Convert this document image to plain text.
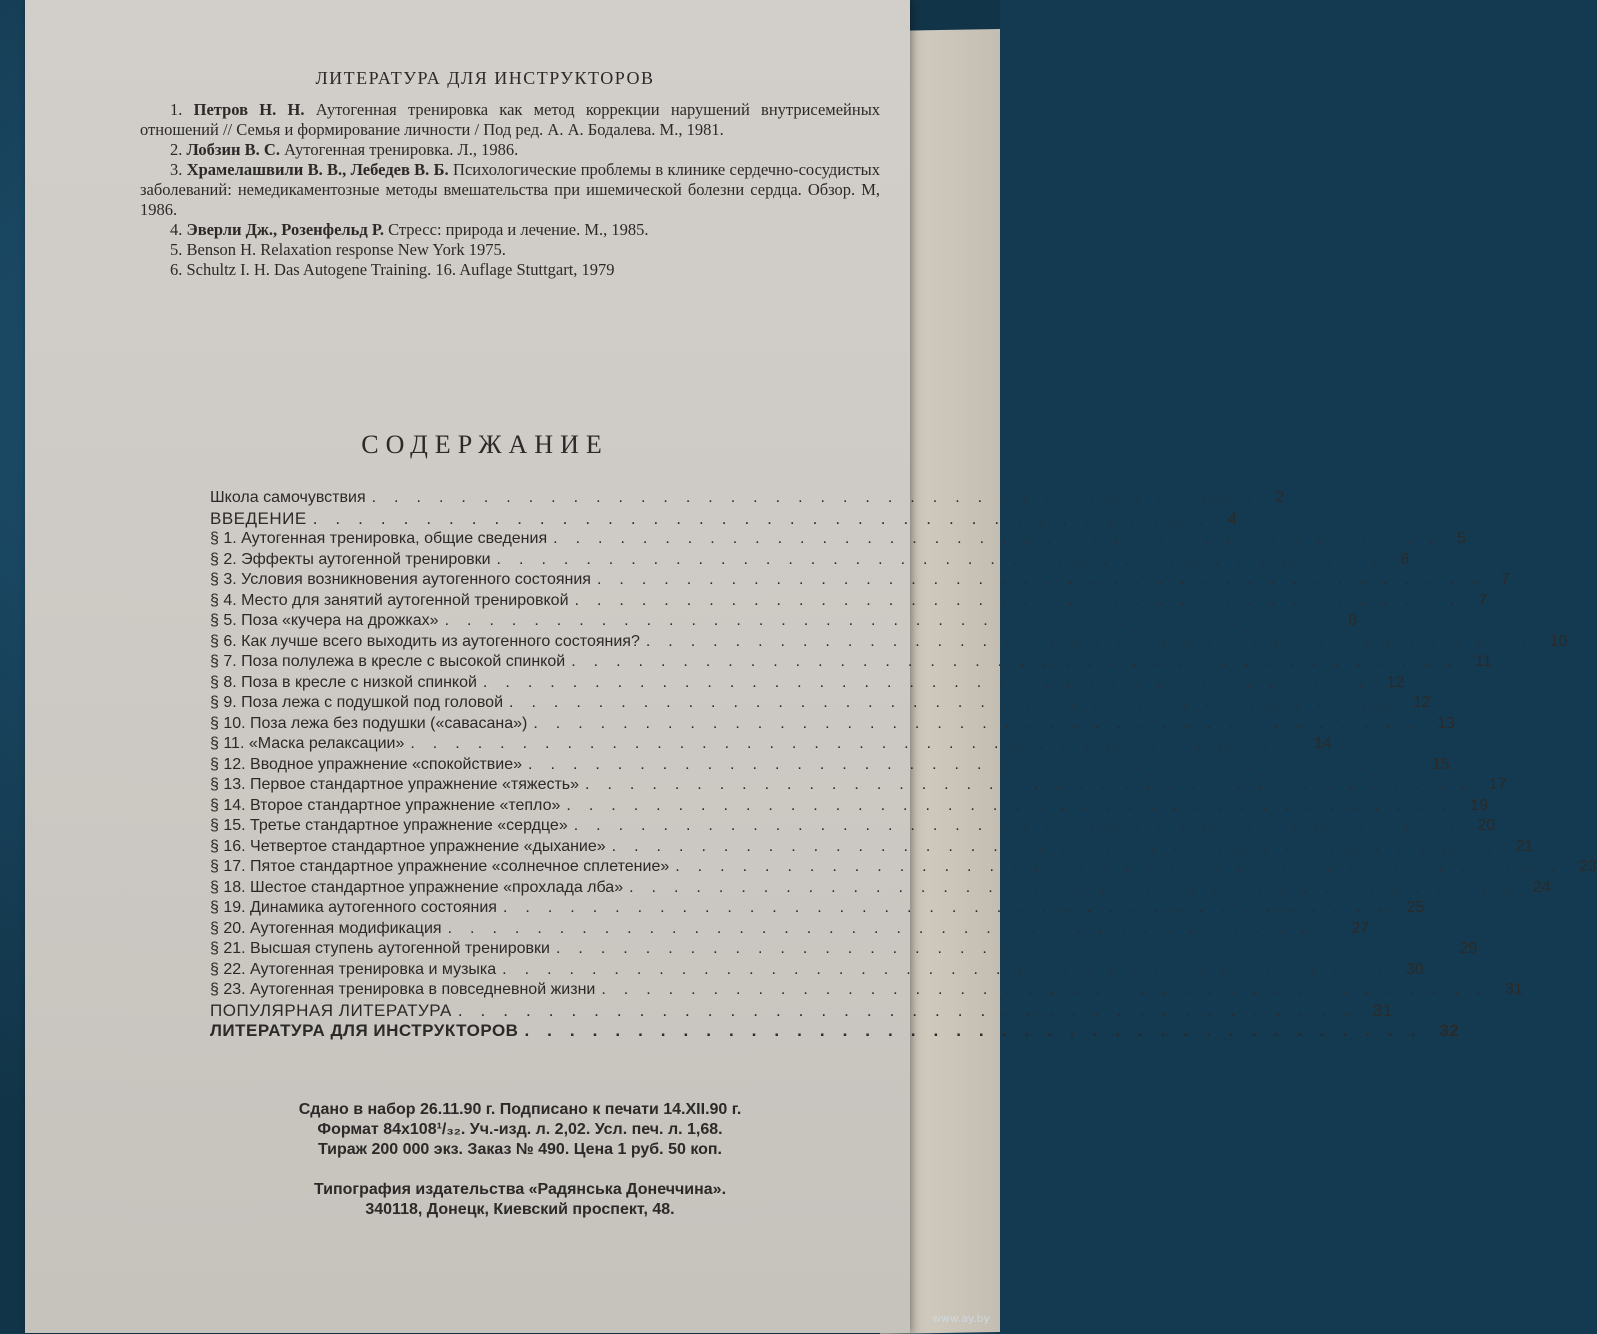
ЛИТЕРАТУРА ДЛЯ ИНСТРУКТОРОВ
1. Петров Н. Н. Аутогенная тренировка как метод коррекции нарушений внутрисемейных отношений // Семья и формирование личности / Под ред. А. А. Бодалева. М., 1981.
2. Лобзин В. С. Аутогенная тренировка. Л., 1986.
3. Храмелашвили В. В., Лебедев В. Б. Психологические проблемы в клинике сердечно-сосудистых заболеваний: немедикаментозные методы вмешательства при ишемической болезни сердца. Обзор. М, 1986.
4. Эверли Дж., Розенфельд Р. Стресс: природа и лечение. М., 1985.
5. Benson H. Relaxation response New York 1975.
6. Schultz I. H. Das Autogene Training. 16. Auflage Stuttgart, 1979
СОДЕРЖАНИЕ
Школа самочувствия ........................................ 2
ВВЕДЕНИЕ ........................................ 4
§ 1. Аутогенная тренировка, общие сведения ........................................ 5
§ 2. Эффекты аутогенной тренировки ........................................ 6
§ 3. Условия возникновения аутогенного состояния ........................................ 7
§ 4. Место для занятий аутогенной тренировкой ........................................ 7
§ 5. Поза «кучера на дрожках» ........................................ 8
§ 6. Как лучше всего выходить из аутогенного состояния? ........................................ 10
§ 7. Поза полулежа в кресле с высокой спинкой ........................................ 11
§ 8. Поза в кресле с низкой спинкой ........................................ 12
§ 9. Поза лежа с подушкой под головой ........................................ 12
§ 10. Поза лежа без подушки («савасана») ........................................ 13
§ 11. «Маска релаксации» ........................................ 14
§ 12. Вводное упражнение «спокойствие» ........................................ 15
§ 13. Первое стандартное упражнение «тяжесть» ........................................ 17
§ 14. Второе стандартное упражнение «тепло» ........................................ 19
§ 15. Третье стандартное упражнение «сердце» ........................................ 20
§ 16. Четвертое стандартное упражнение «дыхание» ........................................ 21
§ 17. Пятое стандартное упражнение «солнечное сплетение» ........................................ 23
§ 18. Шестое стандартное упражнение «прохлада лба» ........................................ 24
§ 19. Динамика аутогенного состояния ........................................ 25
§ 20. Аутогенная модификация ........................................ 27
§ 21. Высшая ступень аутогенной тренировки ........................................ 29
§ 22. Аутогенная тренировка и музыка ........................................ 30
§ 23. Аутогенная тренировка в повседневной жизни ........................................ 31
ПОПУЛЯРНАЯ ЛИТЕРАТУРА ........................................ 31
ЛИТЕРАТУРА ДЛЯ ИНСТРУКТОРОВ ........................................ 32
Сдано в набор 26.11.90 г. Подписано к печати 14.XII.90 г.
Формат 84x108¹/₃₂. Уч.-изд. л. 2,02. Усл. печ. л. 1,68.
Тираж 200 000 экз. Заказ № 490. Цена 1 руб. 50 коп.
Типография издательства «Радянська Донеччина».
340118, Донецк, Киевский проспект, 48.
www.ay.by
